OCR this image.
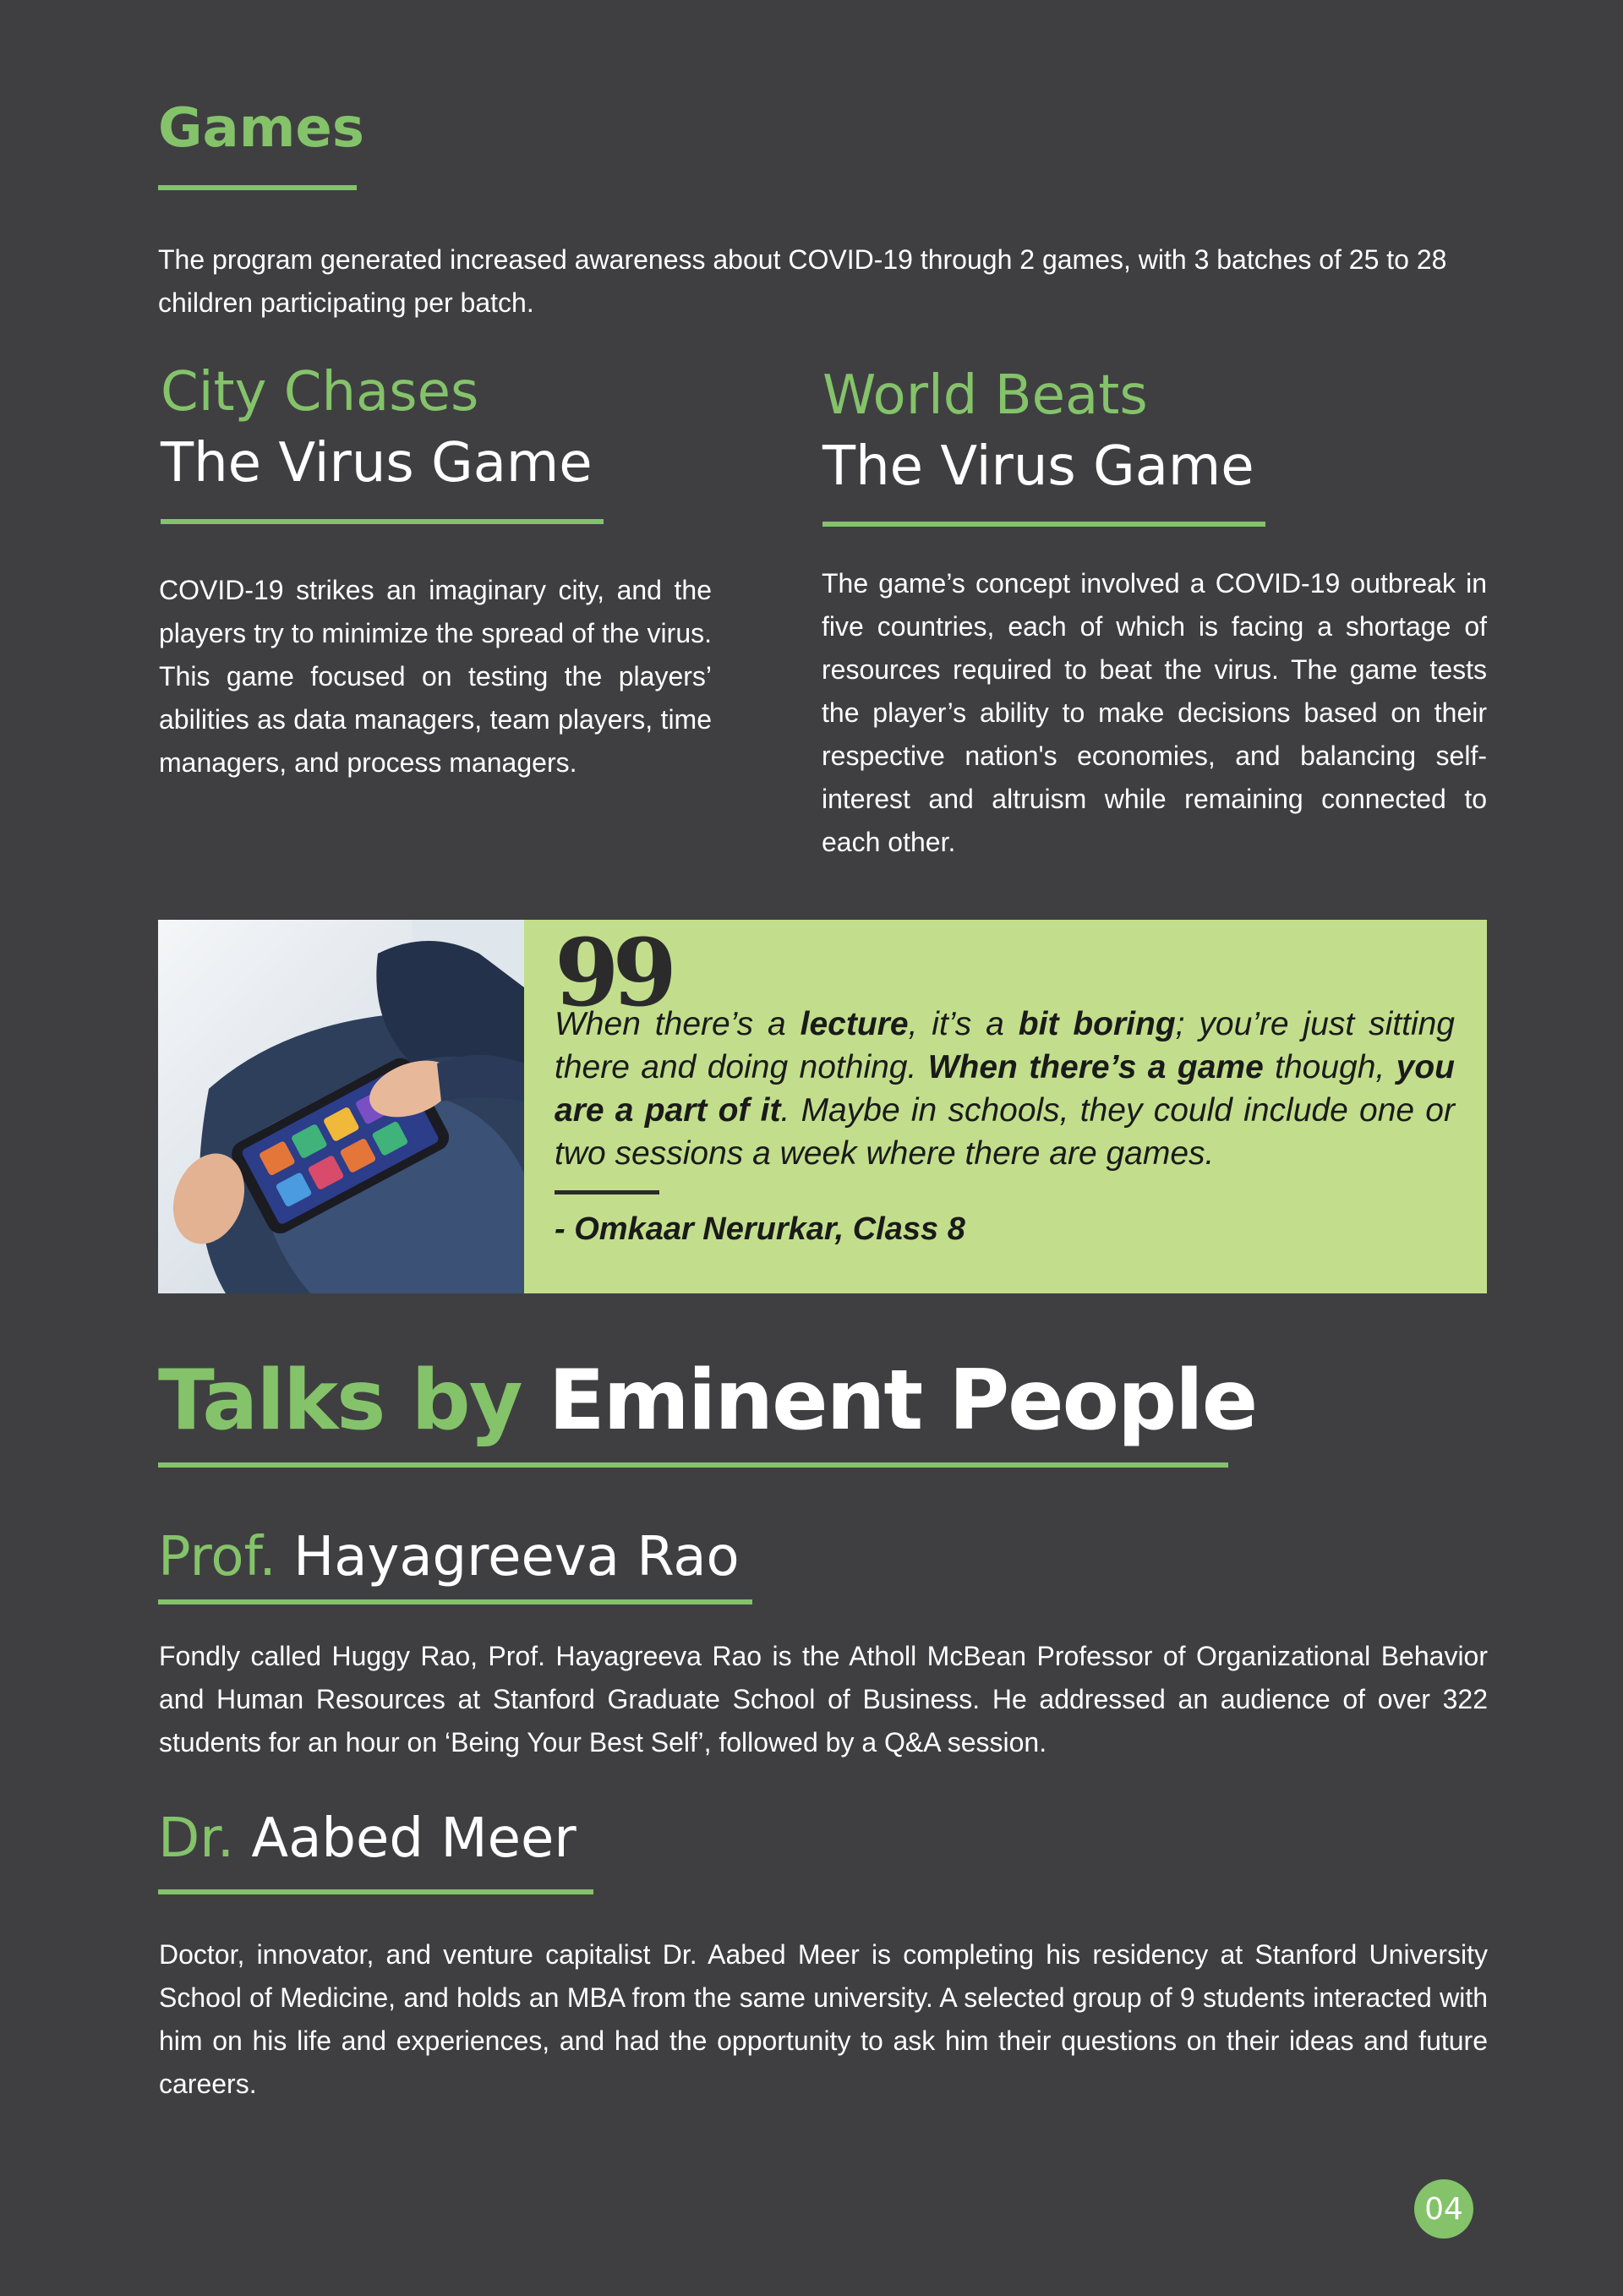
Games

The program generated increased awareness about COVID-19 through 2 games, with 3 batches of 25 to 28 children participating per batch.

City Chases
The Virus Game

COVID-19 strikes an imaginary city, and the players try to minimize the spread of the virus. This game focused on testing the players’ abilities as data managers, team players, time managers, and process managers.

World Beats
The Virus Game

The game’s concept involved a COVID-19 outbreak in five countries, each of which is facing a shortage of resources required to beat the virus. The game tests the player’s ability to make decisions based on their respective nation's economies, and balancing self-interest and altruism while remaining connected to each other.

99

When there’s a lecture, it’s a bit boring; you’re just sitting there and doing nothing. When there’s a game though, you are a part of it. Maybe in schools, they could include one or two sessions a week where there are games.

- Omkaar Nerurkar, Class 8
Talks by Eminent People
Prof. Hayagreeva Rao

Fondly called Huggy Rao, Prof. Hayagreeva Rao is the Atholl McBean Professor of Organizational Behavior and Human Resources at Stanford Graduate School of Business. He addressed an audience of over 322 students for an hour on ‘Being Your Best Self’, followed by a Q&A session.

Dr. Aabed Meer

Doctor, innovator, and venture capitalist Dr. Aabed Meer is completing his residency at Stanford University School of Medicine, and holds an MBA from the same university. A selected group of 9 students interacted with him on his life and experiences, and had the opportunity to ask him their questions on their ideas and future careers.

04
